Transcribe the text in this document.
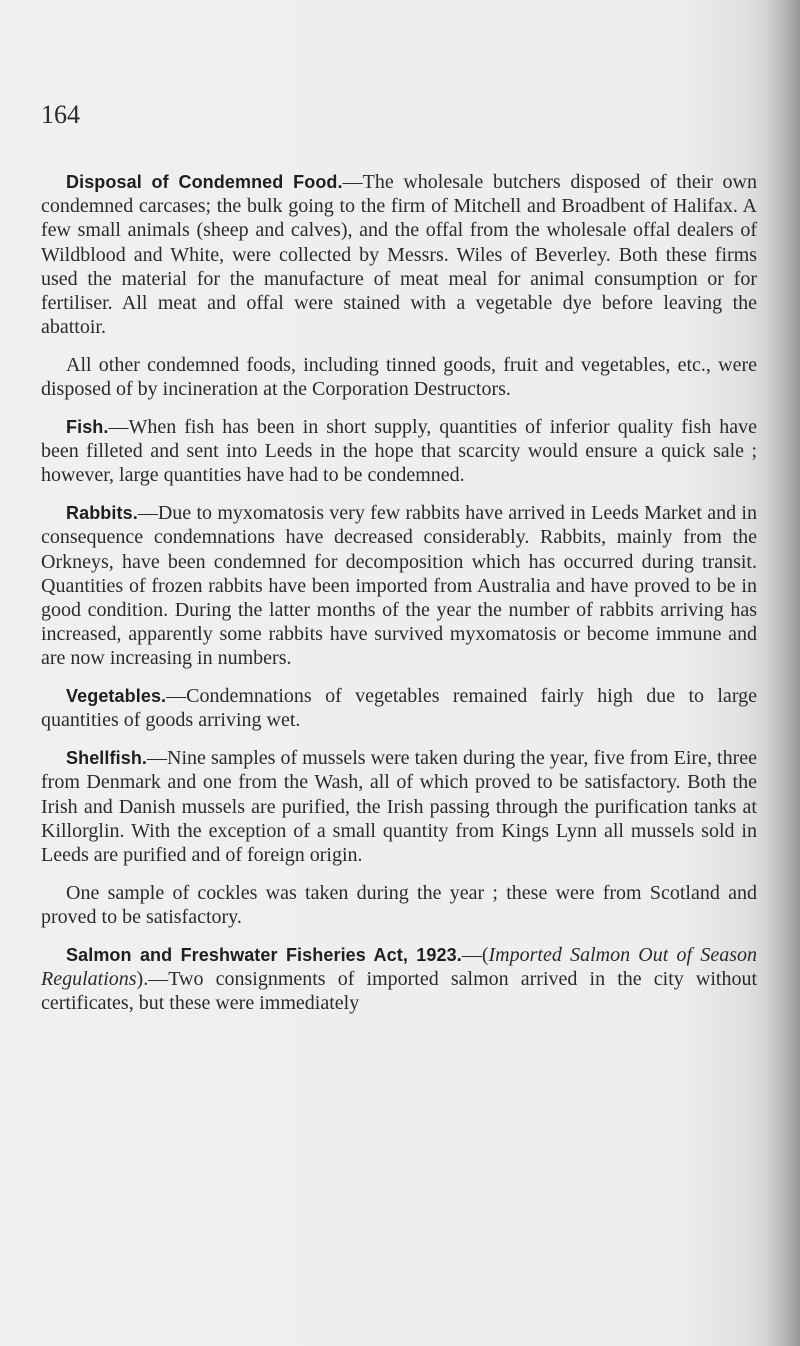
164

Disposal of Condemned Food.—The wholesale butchers disposed of their own condemned carcases; the bulk going to the firm of Mitchell and Broadbent of Halifax. A few small animals (sheep and calves), and the offal from the wholesale offal dealers of Wildblood and White, were collected by Messrs. Wiles of Beverley. Both these firms used the material for the manufacture of meat meal for animal consumption or for fertiliser. All meat and offal were stained with a vegetable dye before leaving the abattoir.

All other condemned foods, including tinned goods, fruit and vegetables, etc., were disposed of by incineration at the Corporation Destructors.

Fish.—When fish has been in short supply, quantities of inferior quality fish have been filleted and sent into Leeds in the hope that scarcity would ensure a quick sale ; however, large quantities have had to be condemned.

Rabbits.—Due to myxomatosis very few rabbits have arrived in Leeds Market and in consequence condemnations have decreased considerably. Rabbits, mainly from the Orkneys, have been condemned for decomposition which has occurred during transit. Quantities of frozen rabbits have been imported from Australia and have proved to be in good condition. During the latter months of the year the number of rabbits arriving has increased, apparently some rabbits have survived myxomatosis or become immune and are now increasing in numbers.

Vegetables.—Condemnations of vegetables remained fairly high due to large quantities of goods arriving wet.

Shellfish.—Nine samples of mussels were taken during the year, five from Eire, three from Denmark and one from the Wash, all of which proved to be satisfactory. Both the Irish and Danish mussels are purified, the Irish passing through the purification tanks at Killorglin. With the exception of a small quantity from Kings Lynn all mussels sold in Leeds are purified and of foreign origin.

One sample of cockles was taken during the year ; these were from Scotland and proved to be satisfactory.

Salmon and Freshwater Fisheries Act, 1923.—(Imported Salmon Out of Season Regulations).—Two consignments of imported salmon arrived in the city without certificates, but these were immediately
